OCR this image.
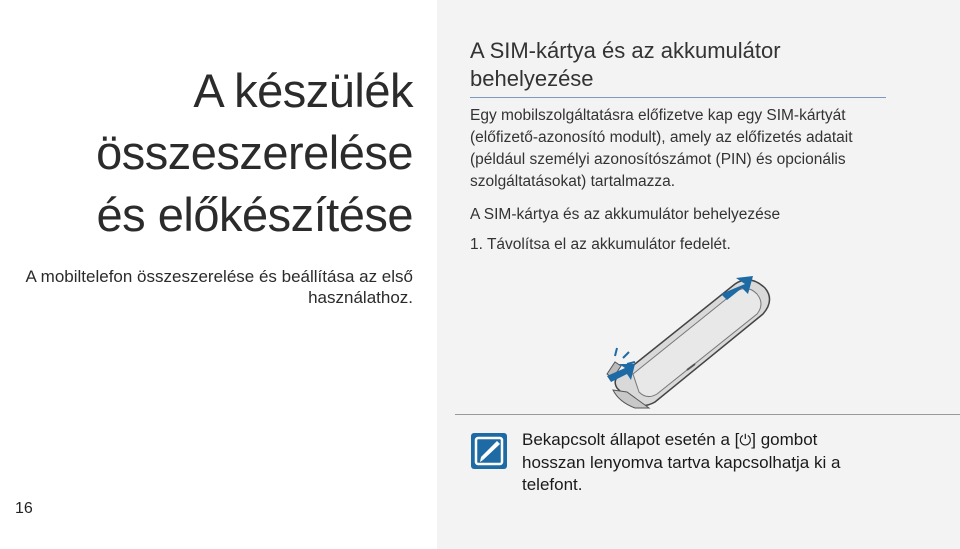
A készülék
összeszerelése
és előkészítése
A mobiltelefon összeszerelése és beállítása az első használathoz.
16
A SIM-kártya és az akkumulátor behelyezése
Egy mobilszolgáltatásra előfizetve kap egy SIM-kártyát (előfizető-azonosító modult), amely az előfizetés adatait (például személyi azonosítószámot (PIN) és opcionális szolgáltatásokat) tartalmazza.
A SIM-kártya és az akkumulátor behelyezése
1. Távolítsa el az akkumulátor fedelét.
Bekapcsolt állapot esetén a [⏻] gombot hosszan lenyomva tartva kapcsolhatja ki a telefont.
